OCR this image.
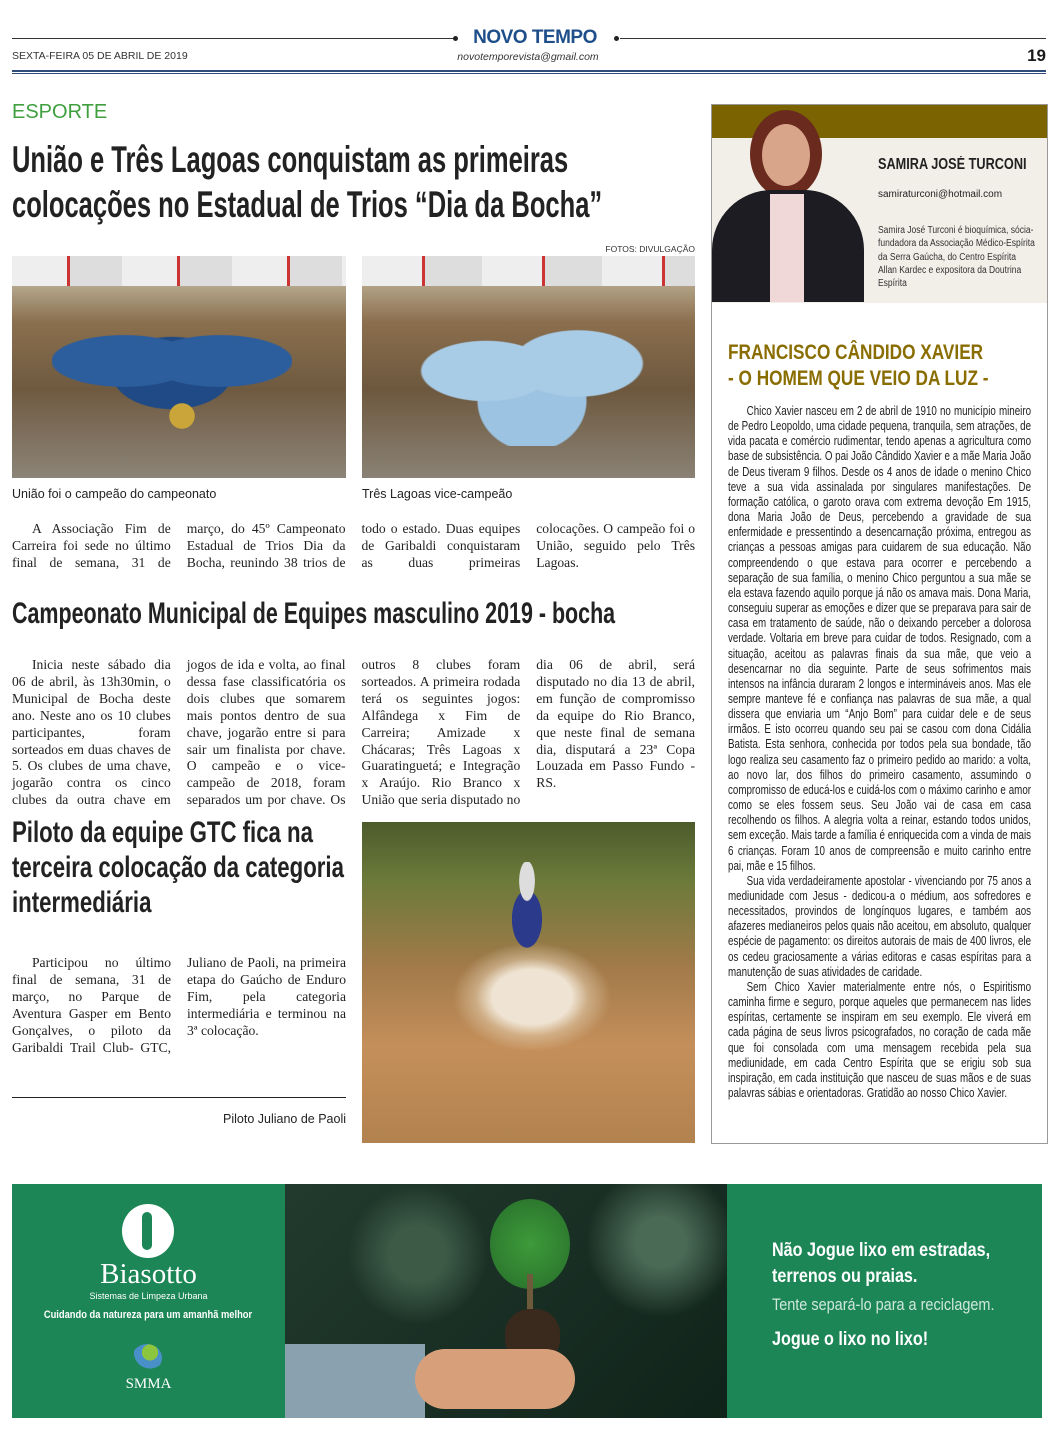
NOVO TEMPO
SEXTA-FEIRA 05 DE ABRIL DE 2019	novotemporevista@gmail.com	19
ESPORTE
União e Três Lagoas conquistam as primeiras colocações no Estadual de Trios “Dia da Bocha”
FOTOS: DIVULGAÇÃO
União foi o campeão do campeonato	Três Lagoas vice-campeão

A Associação Fim de Carreira foi sede no último final de semana, 31 de março, do 45º Campeonato Estadual de Trios Dia da Bocha, reunindo 38 trios de todo o estado. Duas equipes de Garibaldi conquistaram as duas primeiras colocações. O campeão foi o União, seguido pelo Três Lagoas.

Campeonato Municipal de Equipes masculino 2019 - bocha

Inicia neste sábado dia 06 de abril, às 13h30min, o Municipal de Bocha deste ano. Neste ano os 10 clubes participantes, foram sorteados em duas chaves de 5. Os clubes de uma chave, jogarão contra os cinco clubes da outra chave em jogos de ida e volta, ao final dessa fase classificatória os dois clubes que somarem mais pontos dentro de sua chave, jogarão entre si para sair um finalista por chave. O campeão e o vice-campeão de 2018, foram separados um por chave. Os outros 8 clubes foram sorteados. A primeira rodada terá os seguintes jogos: Alfândega x Fim de Carreira; Amizade x Chácaras; Três Lagoas x Guaratinguetá; e Integração x Araújo. Rio Branco x União que seria disputado no dia 06 de abril, será disputado no dia 13 de abril, em função de compromisso da equipe do Rio Branco, que neste final de semana dia, disputará a 23ª Copa Louzada em Passo Fundo - RS.

Piloto da equipe GTC fica na terceira colocação da categoria intermediária

Participou no último final de semana, 31 de março, no Parque de Aventura Gasper em Bento Gonçalves, o piloto da Garibaldi Trail Club- GTC, Juliano de Paoli, na primeira etapa do Gaúcho de Enduro Fim, pela categoria intermediária e terminou na 3ª colocação.

Piloto Juliano de Paoli
SAMIRA JOSÉ TURCONI
samiraturconi@hotmail.com
Samira José Turconi é bioquímica, sócia-fundadora da Associação Médico-Espírita da Serra Gaúcha, do Centro Espírita Allan Kardec e expositora da Doutrina Espírita
FRANCISCO CÂNDIDO XAVIER
- O HOMEM QUE VEIO DA LUZ -

Chico Xavier nasceu em 2 de abril de 1910 no município mineiro de Pedro Leopoldo, uma cidade pequena, tranquila, sem atrações, de vida pacata e comércio rudimentar, tendo apenas a agricultura como base de subsistência. O pai João Cândido Xavier e a mãe Maria João de Deus tiveram 9 filhos. Desde os 4 anos de idade o menino Chico teve a sua vida assinalada por singulares manifestações. De formação católica, o garoto orava com extrema devoção Em 1915, dona Maria João de Deus, percebendo a gravidade de sua enfermidade e pressentindo a desencarnação próxima, entregou as crianças a pessoas amigas para cuidarem de sua educação. Não compreendendo o que estava para ocorrer e percebendo a separação de sua família, o menino Chico perguntou a sua mãe se ela estava fazendo aquilo porque já não os amava mais. Dona Maria, conseguiu superar as emoções e dizer que se preparava para sair de casa em tratamento de saúde, não o deixando perceber a dolorosa verdade. Voltaria em breve para cuidar de todos. Resignado, com a situação, aceitou as palavras finais da sua mãe, que veio a desencarnar no dia seguinte. Parte de seus sofrimentos mais intensos na infância duraram 2 longos e intermináveis anos. Mas ele sempre manteve fé e confiança nas palavras de sua mãe, a qual dissera que enviaria um “Anjo Bom” para cuidar dele e de seus irmãos. E isto ocorreu quando seu pai se casou com dona Cidália Batista. Esta senhora, conhecida por todos pela sua bondade, tão logo realiza seu casamento faz o primeiro pedido ao marido: a volta, ao novo lar, dos filhos do primeiro casamento, assumindo o compromisso de educá-los e cuidá-los com o máximo carinho e amor como se eles fossem seus. Seu João vai de casa em casa recolhendo os filhos. A alegria volta a reinar, estando todos unidos, sem exceção. Mais tarde a família é enriquecida com a vinda de mais 6 crianças. Foram 10 anos de compreensão e muito carinho entre pai, mãe e 15 filhos.

Sua vida verdadeiramente apostolar - vivenciando por 75 anos a mediunidade com Jesus - dedicou-a o médium, aos sofredores e necessitados, provindos de longínquos lugares, e também aos afazeres medianeiros pelos quais não aceitou, em absoluto, qualquer espécie de pagamento: os direitos autorais de mais de 400 livros, ele os cedeu graciosamente a várias editoras e casas espíritas para a manutenção de suas atividades de caridade.

Sem Chico Xavier materialmente entre nós, o Espiritismo caminha firme e seguro, porque aqueles que permanecem nas lides espíritas, certamente se inspiram em seu exemplo. Ele viverá em cada página de seus livros psicografados, no coração de cada mãe que foi consolada com uma mensagem recebida pela sua mediunidade, em cada Centro Espírita que se erigiu sob sua inspiração, em cada instituição que nasceu de suas mãos e de suas palavras sábias e orientadoras. Gratidão ao nosso Chico Xavier.

Biasotto
Sistemas de Limpeza Urbana
Cuidando da natureza para um amanhã melhor
SMMA
Não Jogue lixo em estradas,
terrenos ou praias.
Tente separá-lo para a reciclagem.
Jogue o lixo no lixo!
